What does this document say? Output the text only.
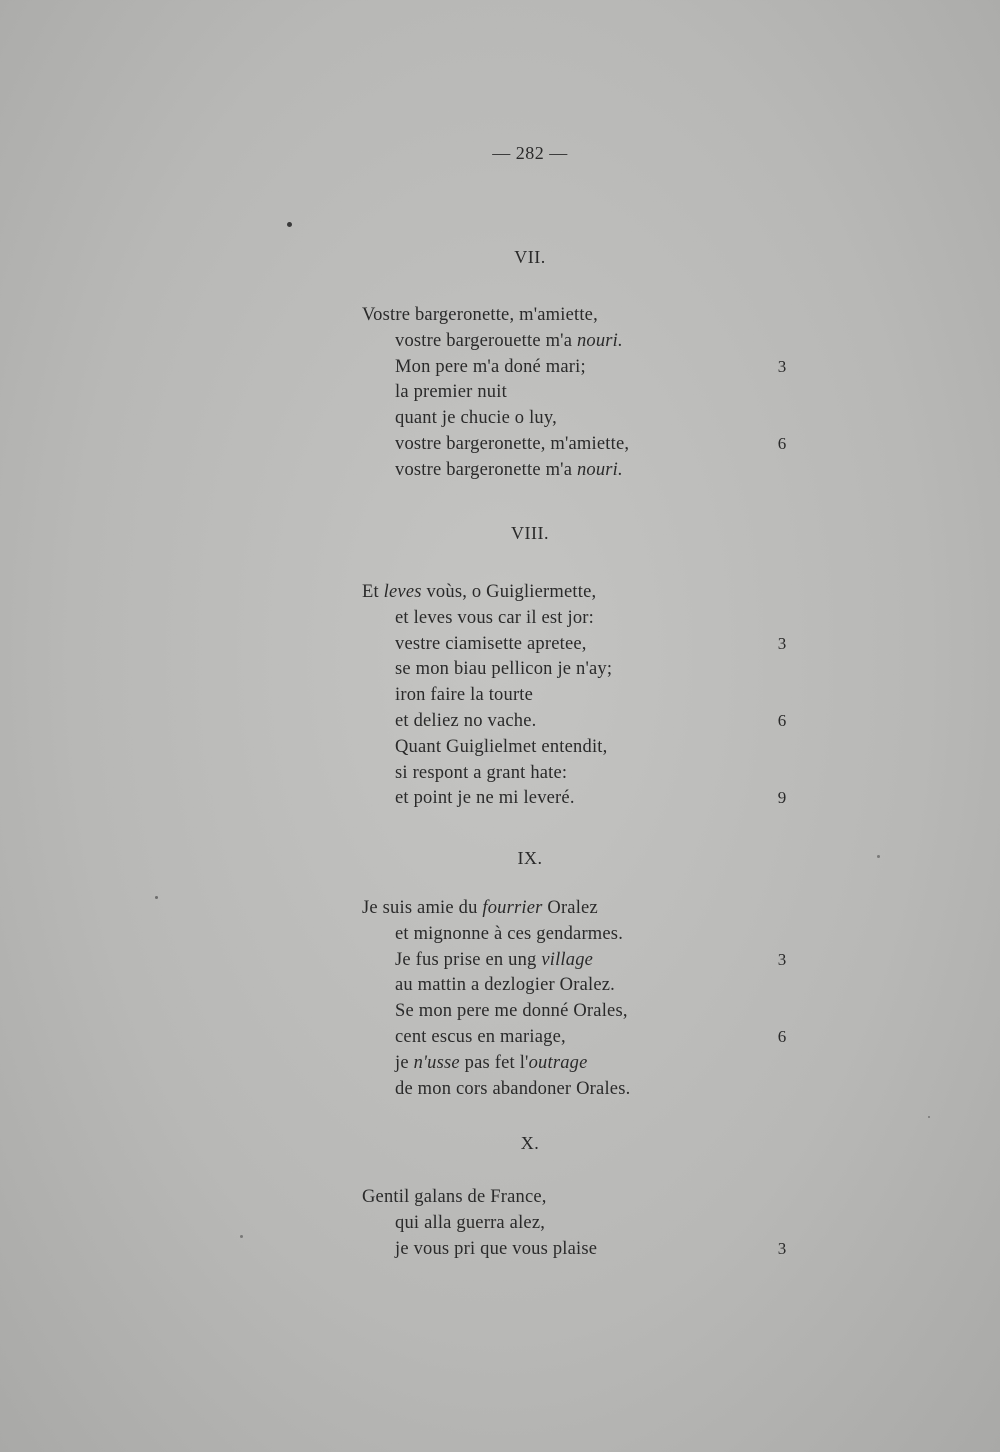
— 282 —
VII.
Vostre bargeronette, m'amiette,
vostre bargerouette m'a nouri.
Mon pere m'a doné mari;	3
la premier nuit
quant je chucie o luy,
vostre bargeronette, m'amiette,	6
vostre bargeronette m'a nouri.
VIII.
Et leves voùs, o Guigliermette,
et leves vous car il est jor:
vestre ciamisette apretee,	3
se mon biau pellicon je n'ay;
iron faire la tourte
et deliez no vache.	6
Quant Guiglielmet entendit,
si respont a grant hate:
et point je ne mi leveré.	9
IX.
Je suis amie du fourrier Oralez
et mignonne à ces gendarmes.
Je fus prise en ung village	3
au mattin a dezlogier Oralez.
Se mon pere me donné Orales,
cent escus en mariage,	6
je n'usse pas fet l'outrage
de mon cors abandoner Orales.
X.
Gentil galans de France,
qui alla guerra alez,
je vous pri que vous plaise	3
